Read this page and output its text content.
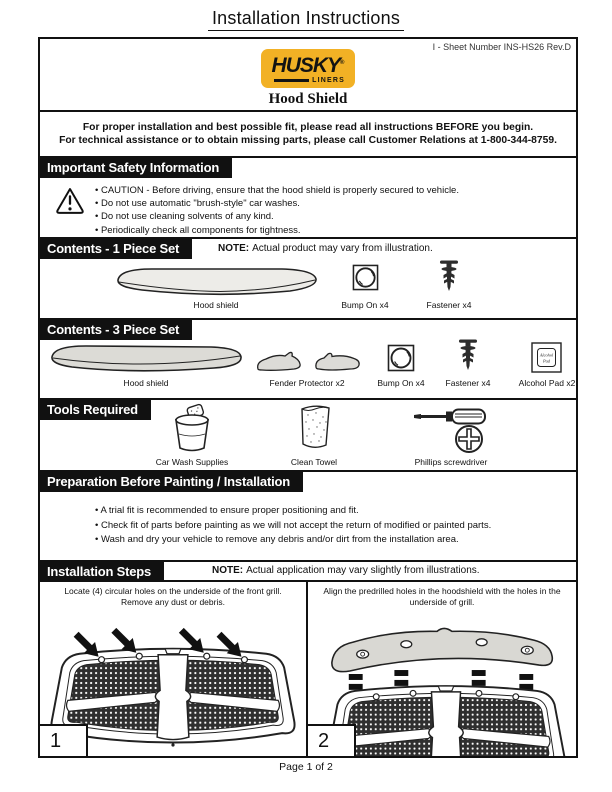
Installation Instructions
I - Sheet Number INS-HS26 Rev.D
HUSKY®
LINERS
Hood Shield
For proper installation and best possible fit, please read all instructions BEFORE you begin.
For technical assistance or to obtain missing parts, please call Customer Relations at 1-800-344-8759.
Important Safety Information
• CAUTION - Before driving, ensure that the hood shield is properly secured to vehicle.
• Do not use automatic "brush-style" car washes.
• Do not use cleaning solvents of any kind.
• Periodically check all components for tightness.
Contents - 1 Piece Set	NOTE: Actual product may vary from illustration.
Hood shield	Bump On x4	Fastener x4
Contents - 3 Piece Set
Hood shield	Fender Protector x2	Bump On x4 Fastener x4
Alcohol
Pad
Alcohol Pad x2
Tools Required
Car Wash Supplies	Clean Towel	Phillips screwdriver
Preparation Before Painting / Installation
• A trial fit is recommended to ensure proper positioning and fit.
• Check fit of parts before painting as we will not accept the return of modified or painted parts.
• Wash and dry your vehicle to remove any debris and/or dirt from the installation area.
Installation Steps	NOTE: Actual application may vary slightly from illustrations.
Locate (4) circular holes on the underside of the front grill.
Remove any dust or debris.
1
Align the predrilled holes in the hoodshield with the holes in the
underside of grill.
2
Page 1 of 2
